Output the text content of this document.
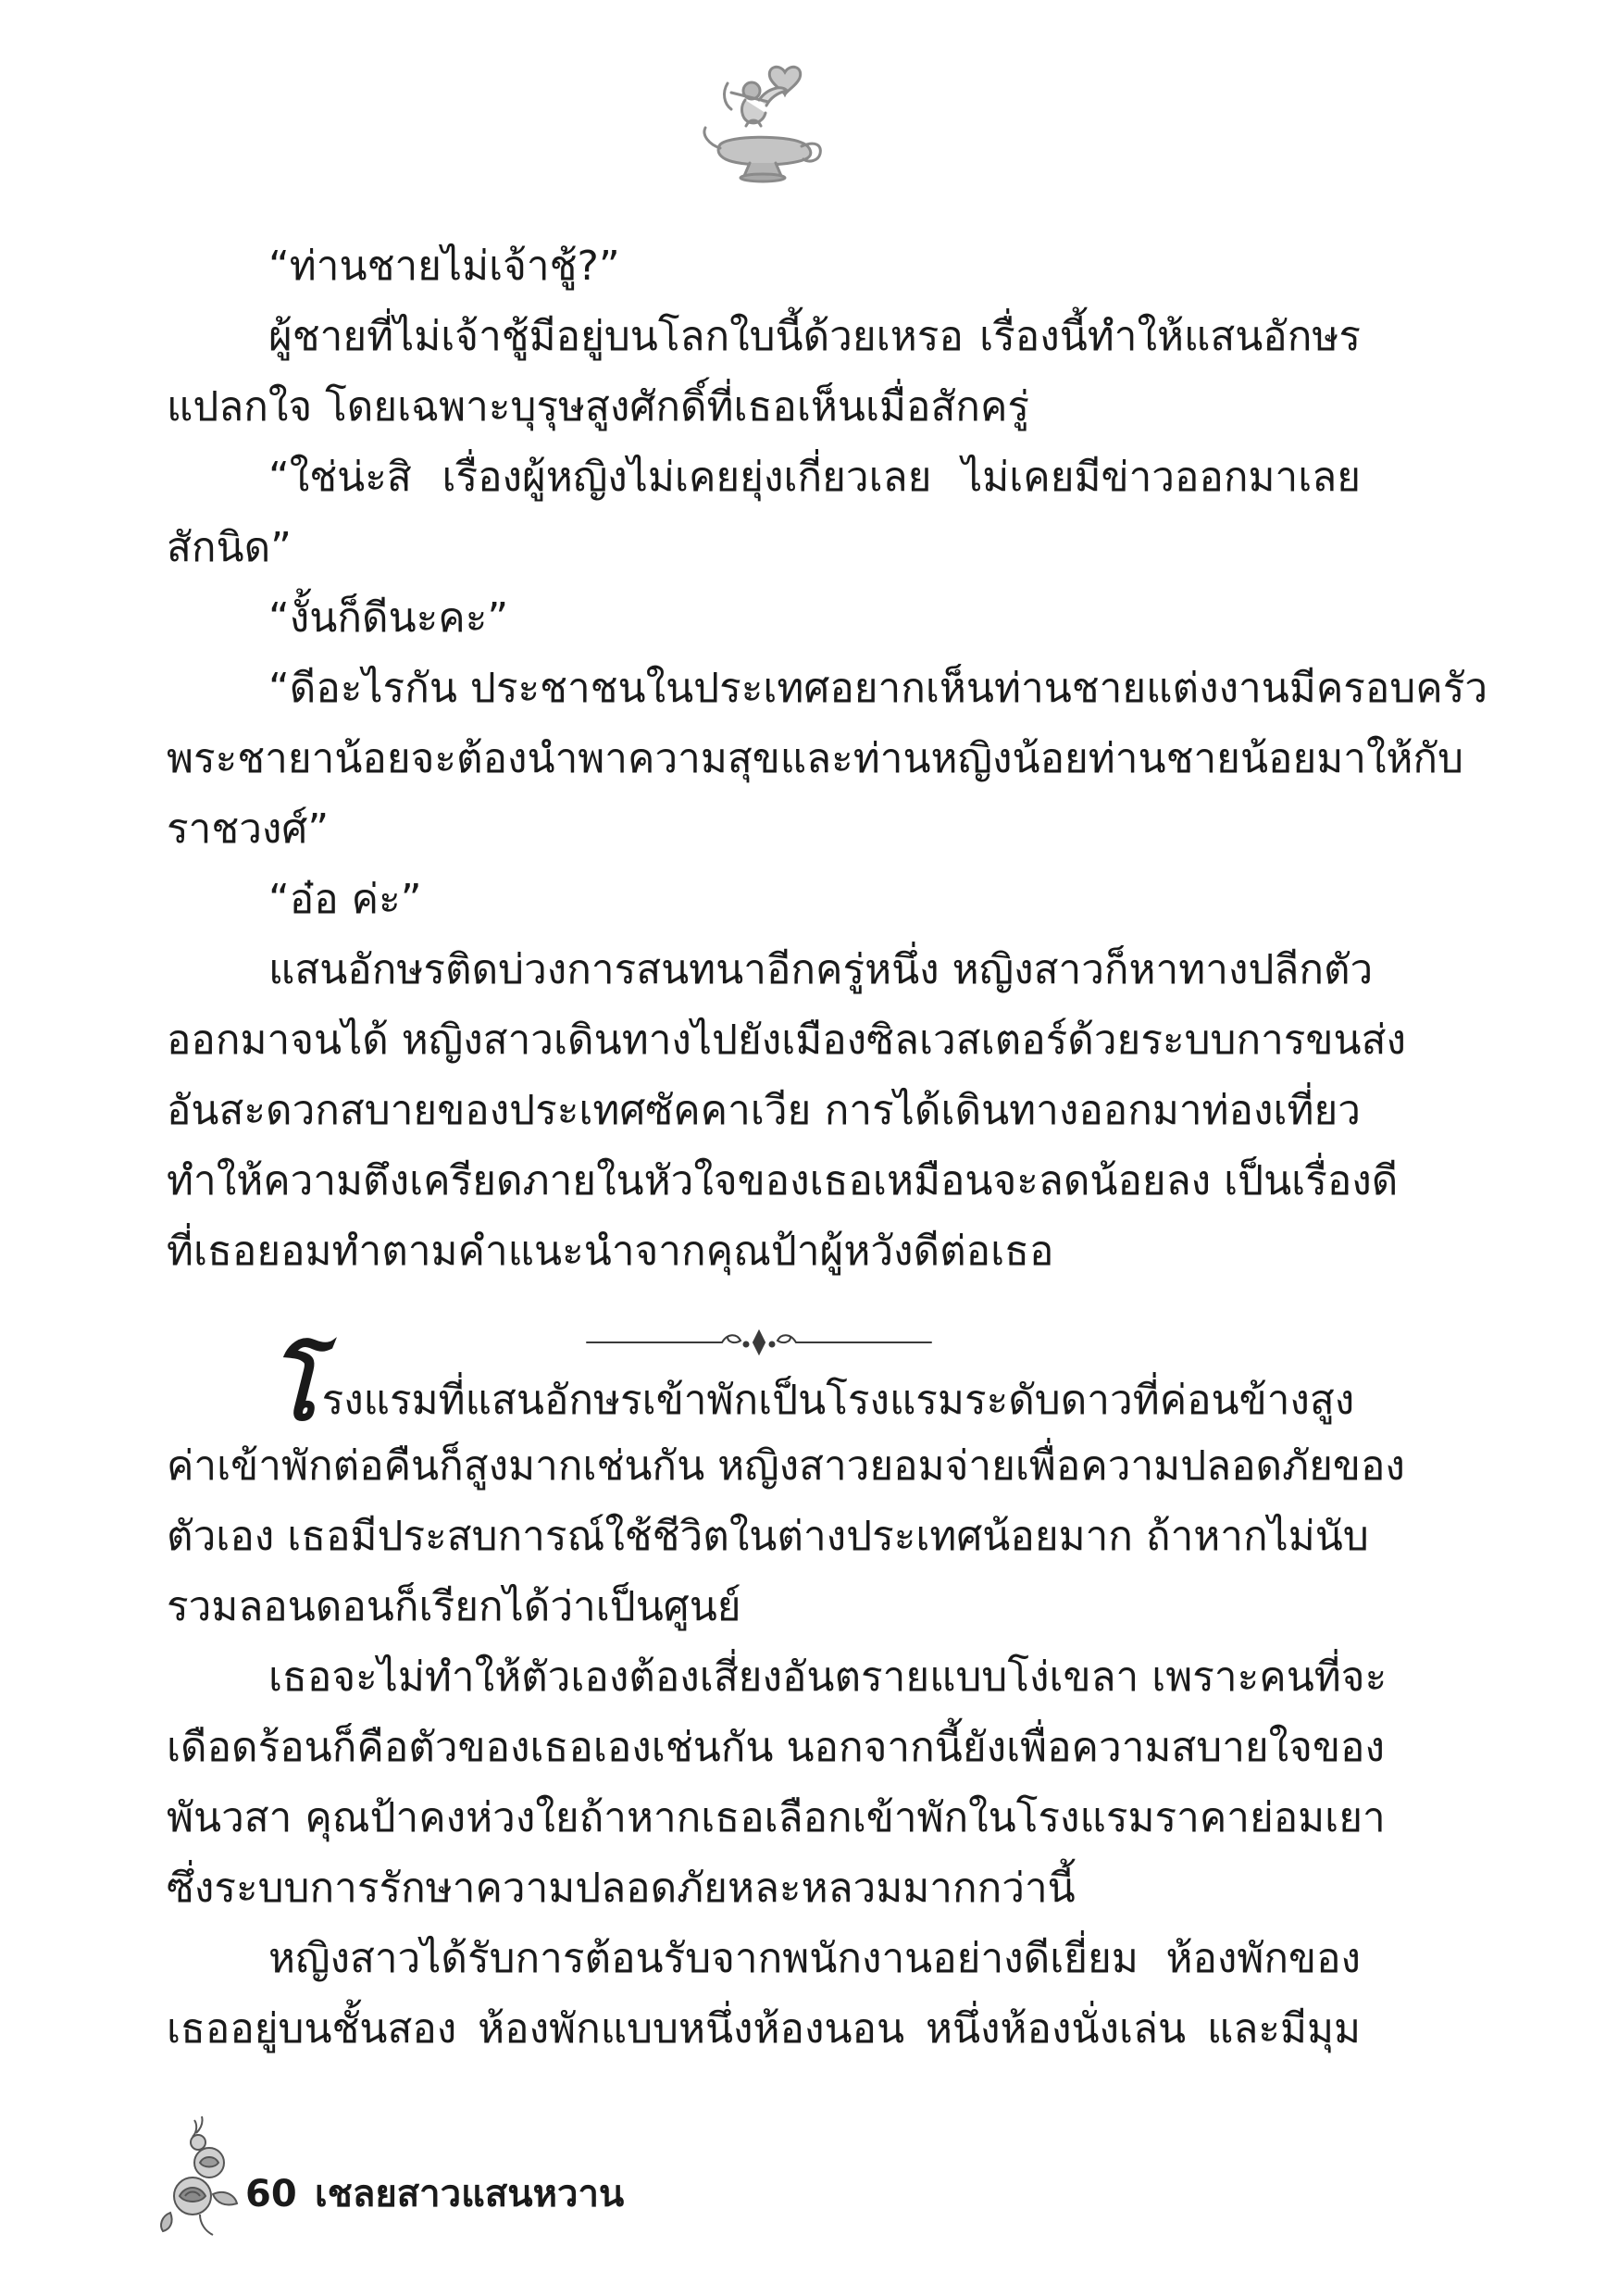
“ท่านชายไม่เจ้าชู้?”
ผู้ชายที่ไม่เจ้าชู้มีอยู่บนโลกใบนี้ด้วยเหรอ เรื่องนี้ทำให้แสนอักษร
แปลกใจ โดยเฉพาะบุรุษสูงศักดิ์ที่เธอเห็นเมื่อสักครู่
“ใช่น่ะสิ เรื่องผู้หญิงไม่เคยยุ่งเกี่ยวเลย ไม่เคยมีข่าวออกมาเลย
สักนิด”
“งั้นก็ดีนะคะ”
“ดีอะไรกัน ประชาชนในประเทศอยากเห็นท่านชายแต่งงานมีครอบครัว
พระชายาน้อยจะต้องนำพาความสุขและท่านหญิงน้อยท่านชายน้อยมาให้กับ
ราชวงศ์”
“อ๋อ ค่ะ”
แสนอักษรติดบ่วงการสนทนาอีกครู่หนึ่ง หญิงสาวก็หาทางปลีกตัว
ออกมาจนได้ หญิงสาวเดินทางไปยังเมืองซิลเวสเตอร์ด้วยระบบการขนส่ง
อันสะดวกสบายของประเทศซัคคาเวีย การได้เดินทางออกมาท่องเที่ยว
ทำให้ความตึงเครียดภายในหัวใจของเธอเหมือนจะลดน้อยลง เป็นเรื่องดี
ที่เธอยอมทำตามคำแนะนำจากคุณป้าผู้หวังดีต่อเธอ
โรงแรมที่แสนอักษรเข้าพักเป็นโรงแรมระดับดาวที่ค่อนข้างสูง
ค่าเข้าพักต่อคืนก็สูงมากเช่นกัน หญิงสาวยอมจ่ายเพื่อความปลอดภัยของ
ตัวเอง เธอมีประสบการณ์ใช้ชีวิตในต่างประเทศน้อยมาก ถ้าหากไม่นับ
รวมลอนดอนก็เรียกได้ว่าเป็นศูนย์
เธอจะไม่ทำให้ตัวเองต้องเสี่ยงอันตรายแบบโง่เขลา เพราะคนที่จะ
เดือดร้อนก็คือตัวของเธอเองเช่นกัน นอกจากนี้ยังเพื่อความสบายใจของ
พันวสา คุณป้าคงห่วงใยถ้าหากเธอเลือกเข้าพักในโรงแรมราคาย่อมเยา
ซึ่งระบบการรักษาความปลอดภัยหละหลวมมากกว่านี้
หญิงสาวได้รับการต้อนรับจากพนักงานอย่างดีเยี่ยม ห้องพักของ
เธออยู่บนชั้นสอง ห้องพักแบบหนึ่งห้องนอน หนึ่งห้องนั่งเล่น และมีมุม
60 เชลยสาวแสนหวาน
